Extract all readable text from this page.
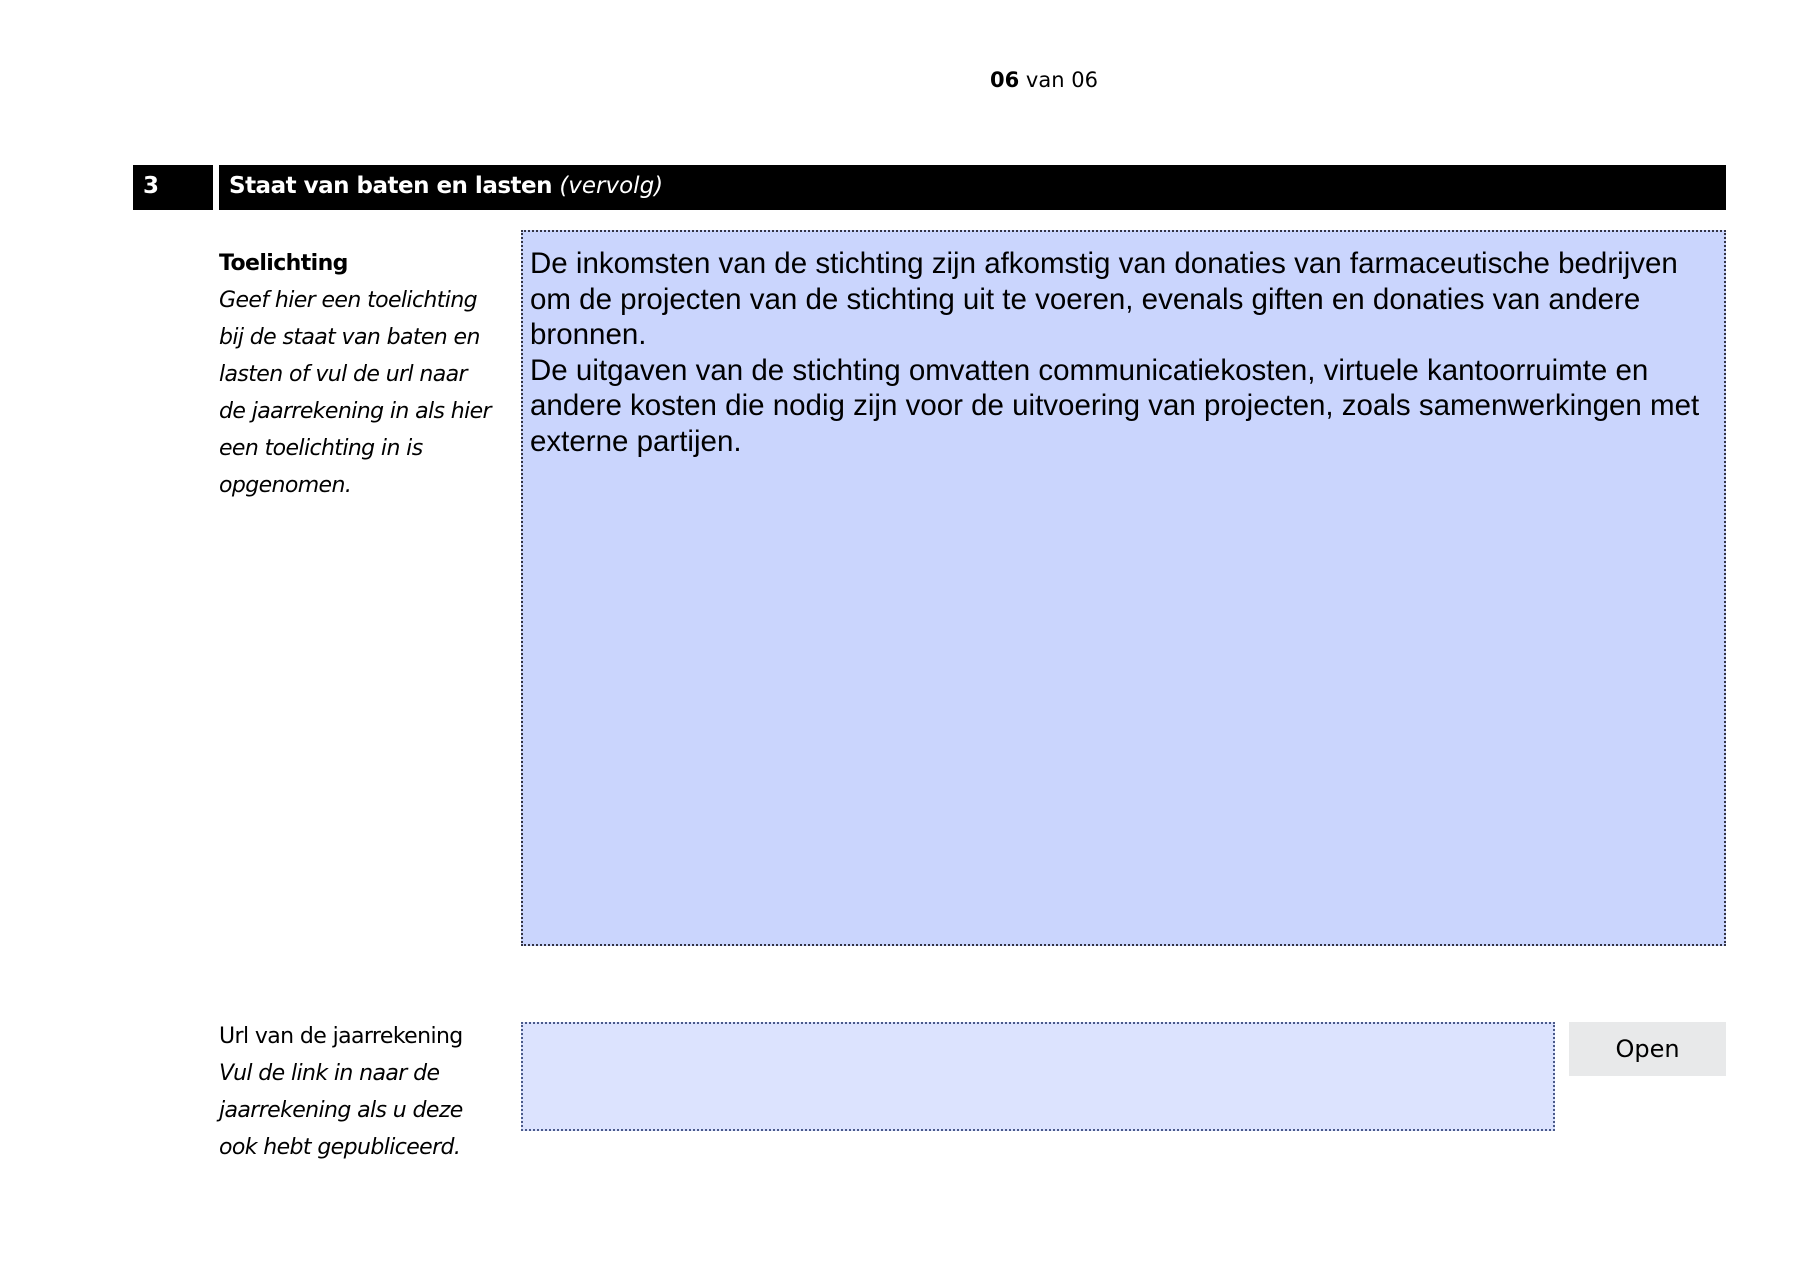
06 van 06
3	Staat van baten en lasten (vervolg)
Toelichting
Geef hier een toelichting bij de staat van baten en lasten of vul de url naar de jaarrekening in als hier een toelichting in is opgenomen.
De inkomsten van de stichting zijn afkomstig van donaties van farmaceutische bedrijven om de projecten van de stichting uit te voeren, evenals giften en donaties van andere bronnen.
De uitgaven van de stichting omvatten communicatiekosten, virtuele kantoorruimte en andere kosten die nodig zijn voor de uitvoering van projecten, zoals samenwerkingen met externe partijen.
Url van de jaarrekening
Vul de link in naar de jaarrekening als u deze ook hebt gepubliceerd.
Open
